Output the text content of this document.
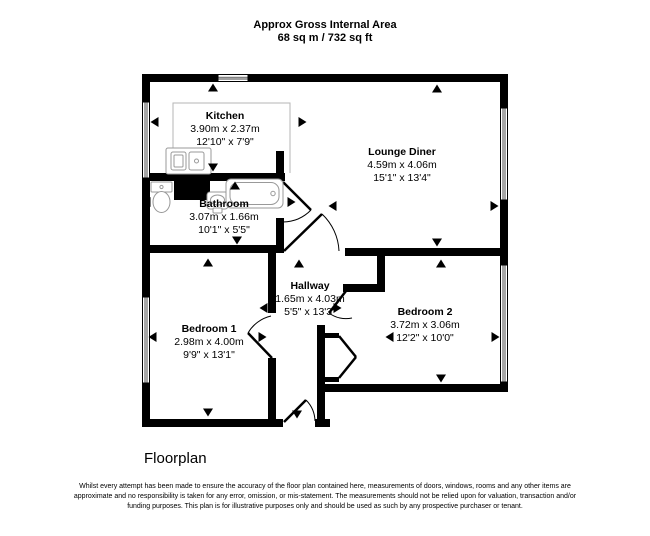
Approx Gross Internal Area
68 sq m / 732 sq ft
Kitchen
3.90m x 2.37m
12'10" x 7'9"
Lounge Diner
4.59m x 4.06m
15'1" x 13'4"
Bathroom
3.07m x 1.66m
10'1" x 5'5"
Hallway
1.65m x 4.03m
5'5" x 13'3"
Bedroom 1
2.98m x 4.00m
9'9" x 13'1"
Bedroom 2
3.72m x 3.06m
12'2" x 10'0"
Floorplan
Whilst every attempt has been made to ensure the accuracy of the floor plan contained here, measurements of doors, windows, rooms and any other items are approximate and no responsibility is taken for any error, omission, or mis-statement. The measurements should not be relied upon for valuation, transaction and/or funding purposes. This plan is for illustrative purposes only and should be used as such by any prospective purchaser or tenant.
